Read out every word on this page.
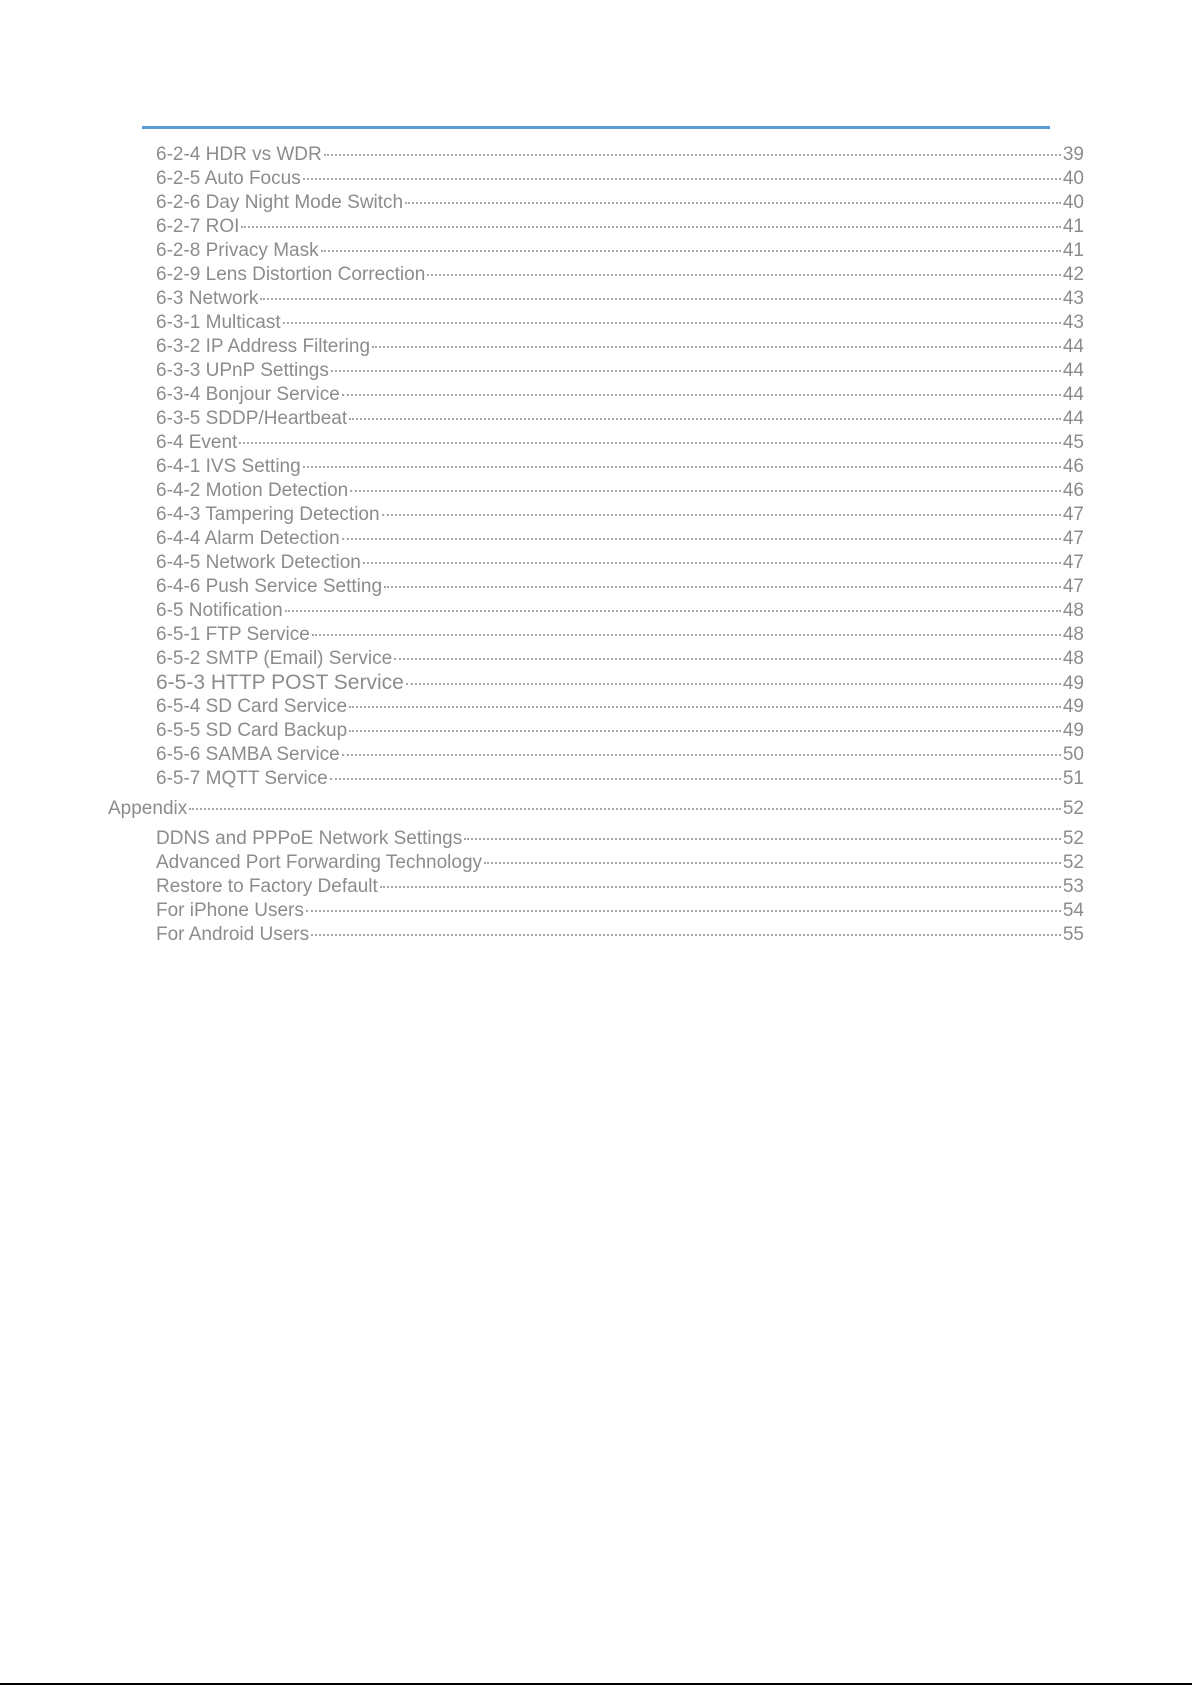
6-2-4 HDR vs WDR	39
6-2-5 Auto Focus	40
6-2-6 Day Night Mode Switch	40
6-2-7 ROI	41
6-2-8 Privacy Mask	41
6-2-9 Lens Distortion Correction	42
6-3 Network	43
6-3-1 Multicast	43
6-3-2 IP Address Filtering	44
6-3-3 UPnP Settings	44
6-3-4 Bonjour Service	44
6-3-5 SDDP/Heartbeat	44
6-4 Event	45
6-4-1 IVS Setting	46
6-4-2 Motion Detection	46
6-4-3 Tampering Detection	47
6-4-4 Alarm Detection	47
6-4-5 Network Detection	47
6-4-6 Push Service Setting	47
6-5 Notification	48
6-5-1 FTP Service	48
6-5-2 SMTP (Email) Service	48
6-5-3 HTTP POST Service	49
6-5-4 SD Card Service	49
6-5-5 SD Card Backup	49
6-5-6 SAMBA Service	50
6-5-7 MQTT Service	51
Appendix	52
DDNS and PPPoE Network Settings	52
Advanced Port Forwarding Technology	52
Restore to Factory Default	53
For iPhone Users	54
For Android Users	55
